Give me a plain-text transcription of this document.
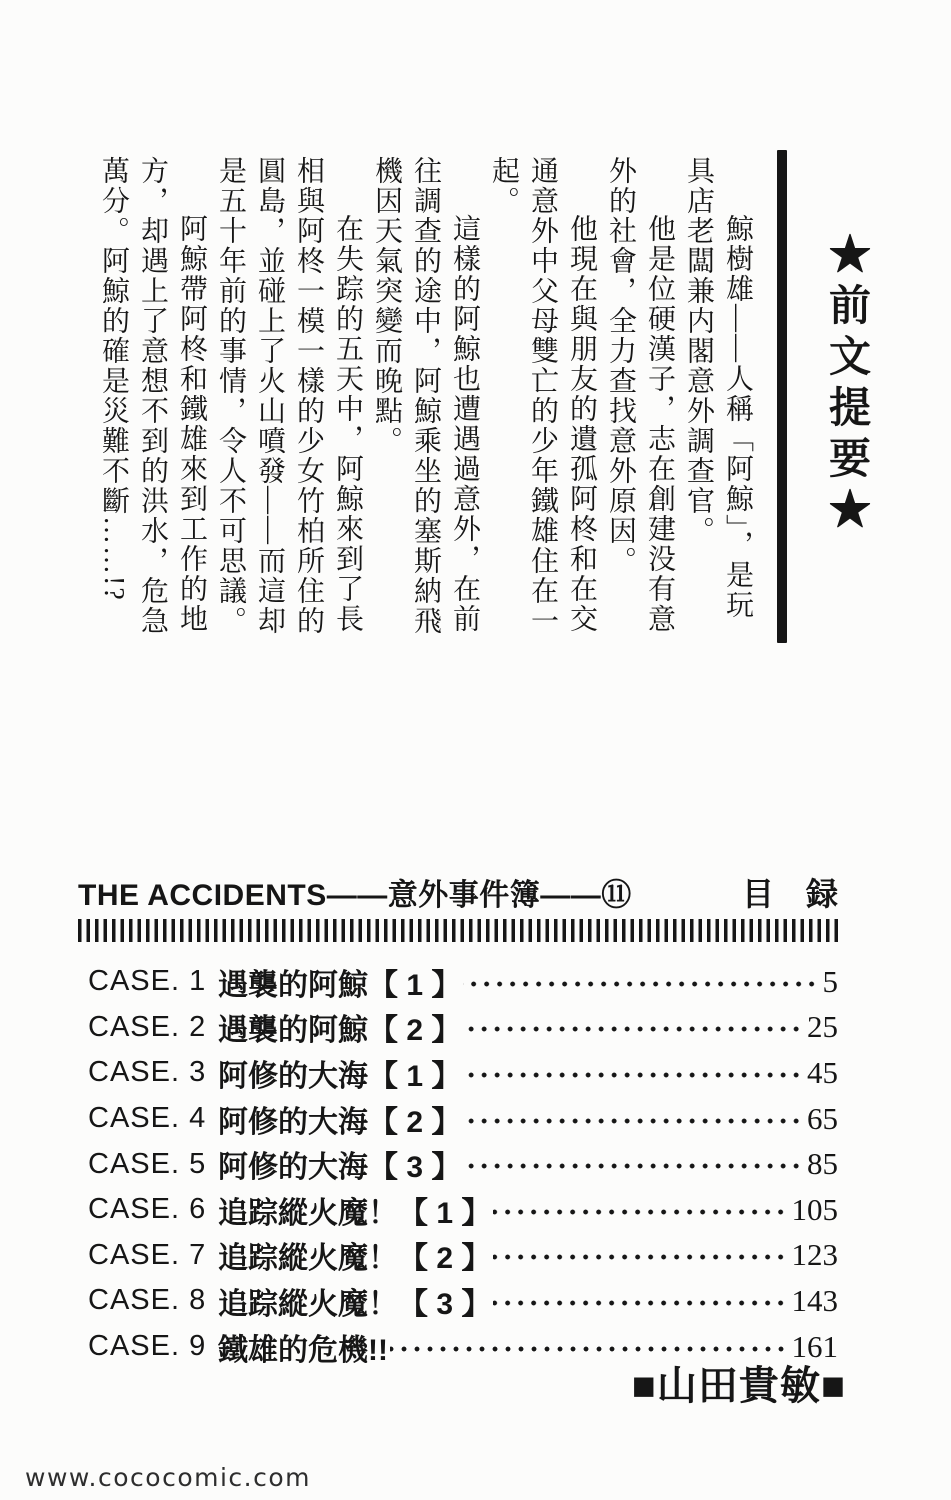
鯨樹雄——人稱「阿鯨」，是玩
具店老闆兼内閣意外調查官。
他是位硬漢子，志在創建没有意
外的社會，全力查找意外原因。
他現在與朋友的遺孤阿柊和在交
通意外中父母雙亡的少年鐵雄住在一
起。
這樣的阿鯨也遭遇過意外，在前
往調查的途中，阿鯨乘坐的塞斯納飛
機因天氣突變而晚點。
在失踪的五天中，阿鯨來到了長
相與阿柊一模一樣的少女竹柏所住的
圓島，並碰上了火山噴發——而這却
是五十年前的事情，令人不可思議。
阿鯨帶阿柊和鐵雄來到工作的地
方，却遇上了意想不到的洪水，危急
萬分。阿鯨的確是災難不斷……!?	★前文提要★
THE ACCIDENTS——意外事件簿——⑪	目　録
CASE. 1 遇襲的阿鯨【 1 】	5
CASE. 2 遇襲的阿鯨【 2 】	25
CASE. 3 阿修的大海【 1 】	45
CASE. 4 阿修的大海【 2 】	65
CASE. 5 阿修的大海【 3 】	85
CASE. 6 追踪縱火魔！【 1 】	105
CASE. 7 追踪縱火魔！【 2 】	123
CASE. 8 追踪縱火魔！【 3 】	143
CASE. 9 鐵雄的危機!!	161
■山田貴敏■
www.cococomic.com
